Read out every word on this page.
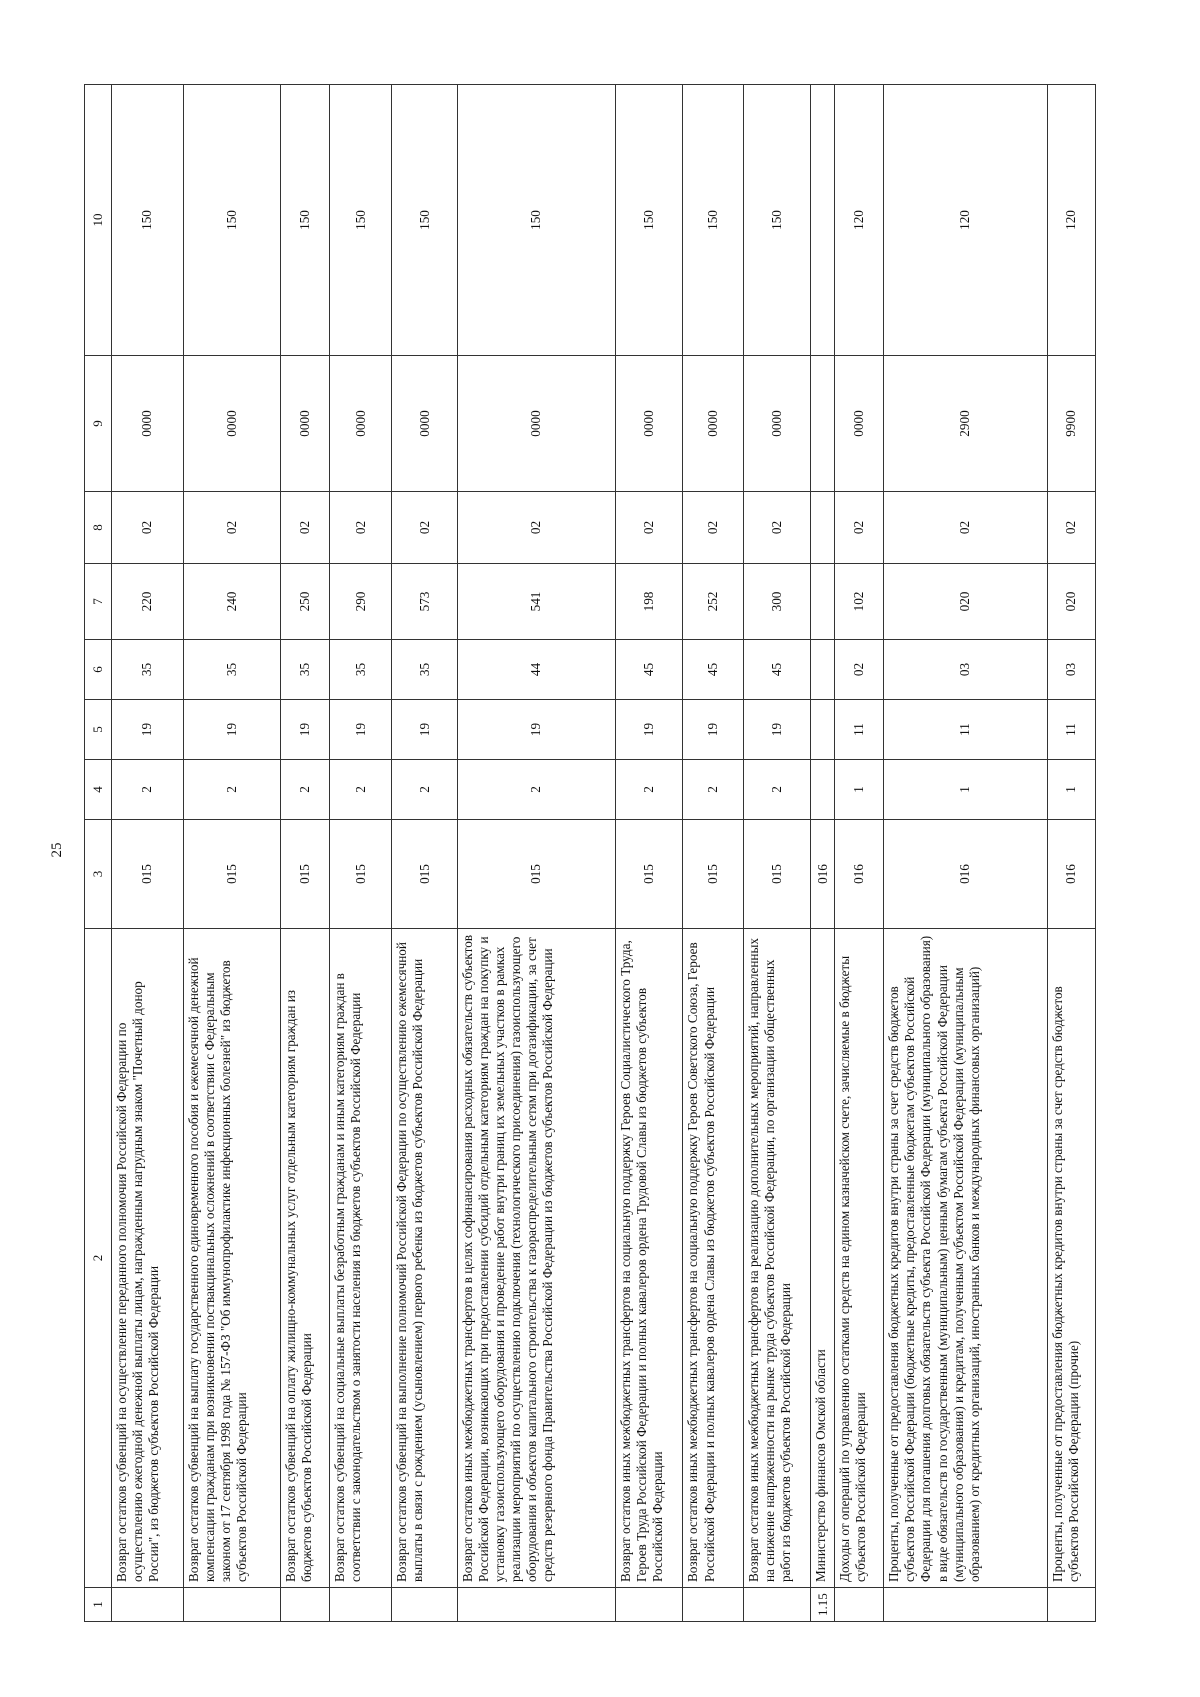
25
1	2	3	4	5	6	7	8	9	10
	Возврат остатков субвенций на осуществление переданного полномочия Российской Федерации по осуществлению ежегодной денежной выплаты лицам, награжденным нагрудным знаком "Почетный донор России", из бюджетов субъектов Российской Федерации	015	2	19	35	220	02	0000	150
	Возврат остатков субвенций на выплату государственного единовременного пособия и ежемесячной денежной компенсации гражданам при возникновении поствакцинальных осложнений в соответствии с Федеральным законом от 17 сентября 1998 года № 157-ФЗ "Об иммунопрофилактике инфекционных болезней" из бюджетов субъектов Российской Федерации	015	2	19	35	240	02	0000	150
	Возврат остатков субвенций на оплату жилищно-коммунальных услуг отдельным категориям граждан из бюджетов субъектов Российской Федерации	015	2	19	35	250	02	0000	150
	Возврат остатков субвенций на социальные выплаты безработным гражданам и иным категориям граждан в соответствии с законодательством о занятости населения из бюджетов субъектов Российской Федерации	015	2	19	35	290	02	0000	150
	Возврат остатков субвенций на выполнение полномочий Российской Федерации по осуществлению ежемесячной выплаты в связи с рождением (усыновлением) первого ребенка из бюджетов субъектов Российской Федерации	015	2	19	35	573	02	0000	150
	Возврат остатков иных межбюджетных трансфертов в целях софинансирования расходных обязательств субъектов Российской Федерации, возникающих при предоставлении субсидий отдельным категориям граждан на покупку и установку газоиспользующего оборудования и проведение работ внутри границ их земельных участков в рамках реализации мероприятий по осуществлению подключения (технологического присоединения) газоиспользующего оборудования и объектов капитального строительства к газораспределительным сетям при догазификации, за счет средств резервного фонда Правительства Российской Федерации из бюджетов субъектов Российской Федерации	015	2	19	44	541	02	0000	150
	Возврат остатков иных межбюджетных трансфертов на социальную поддержку Героев Социалистического Труда, Героев Труда Российской Федерации и полных кавалеров ордена Трудовой Славы из бюджетов субъектов Российской Федерации	015	2	19	45	198	02	0000	150
	Возврат остатков иных межбюджетных трансфертов на социальную поддержку Героев Советского Союза, Героев Российской Федерации и полных кавалеров ордена Славы из бюджетов субъектов Российской Федерации	015	2	19	45	252	02	0000	150
	Возврат остатков иных межбюджетных трансфертов на реализацию дополнительных мероприятий, направленных на снижение напряженности на рынке труда субъектов Российской Федерации, по организации общественных работ из бюджетов субъектов Российской Федерации	015	2	19	45	300	02	0000	150
1.15	Министерство финансов Омской области	016							
	Доходы от операций по управлению остатками средств на едином казначейском счете, зачисляемые в бюджеты субъектов Российской Федерации	016	1	11	02	102	02	0000	120
	Проценты, полученные от предоставления бюджетных кредитов внутри страны за счет средств бюджетов субъектов Российской Федерации (бюджетные кредиты, предоставленные бюджетам субъектов Российской Федерации для погашения долговых обязательств субъекта Российской Федерации (муниципального образования) в виде обязательств по государственным (муниципальным) ценным бумагам субъекта Российской Федерации (муниципального образования) и кредитам, полученным субъектом Российской Федерации (муниципальным образованием) от кредитных организаций, иностранных банков и международных финансовых организаций)	016	1	11	03	020	02	2900	120
	Проценты, полученные от предоставления бюджетных кредитов внутри страны за счет средств бюджетов субъектов Российской Федерации (прочие)	016	1	11	03	020	02	9900	120
